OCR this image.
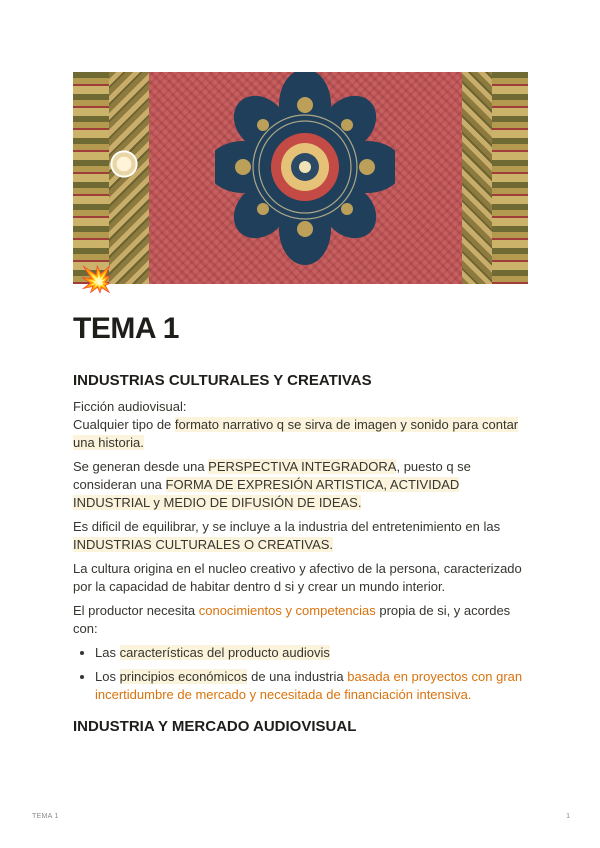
💥
TEMA 1
INDUSTRIAS CULTURALES Y CREATIVAS

Ficción audiovisual:
Cualquier tipo de formato narrativo q se sirva de imagen y sonido para contar una historia.

Se generan desde una PERSPECTIVA INTEGRADORA, puesto q se consideran una FORMA DE EXPRESIÓN ARTISTICA, ACTIVIDAD INDUSTRIAL y MEDIO DE DIFUSIÓN DE IDEAS.

Es dificil de equilibrar, y se incluye a la industria del entretenimiento en las INDUSTRIAS CULTURALES O CREATIVAS.

La cultura origina en el nucleo creativo y afectivo de la persona, caracterizado por la capacidad de habitar dentro d si y crear un mundo interior.

El productor necesita conocimientos y competencias propia de si, y acordes con:

• Las características del producto audiovis
• Los principios económicos de una industria basada en proyectos con gran incertidumbre de mercado y necesitada de financiación intensiva.
INDUSTRIA Y MERCADO AUDIOVISUAL
TEMA 1	1
